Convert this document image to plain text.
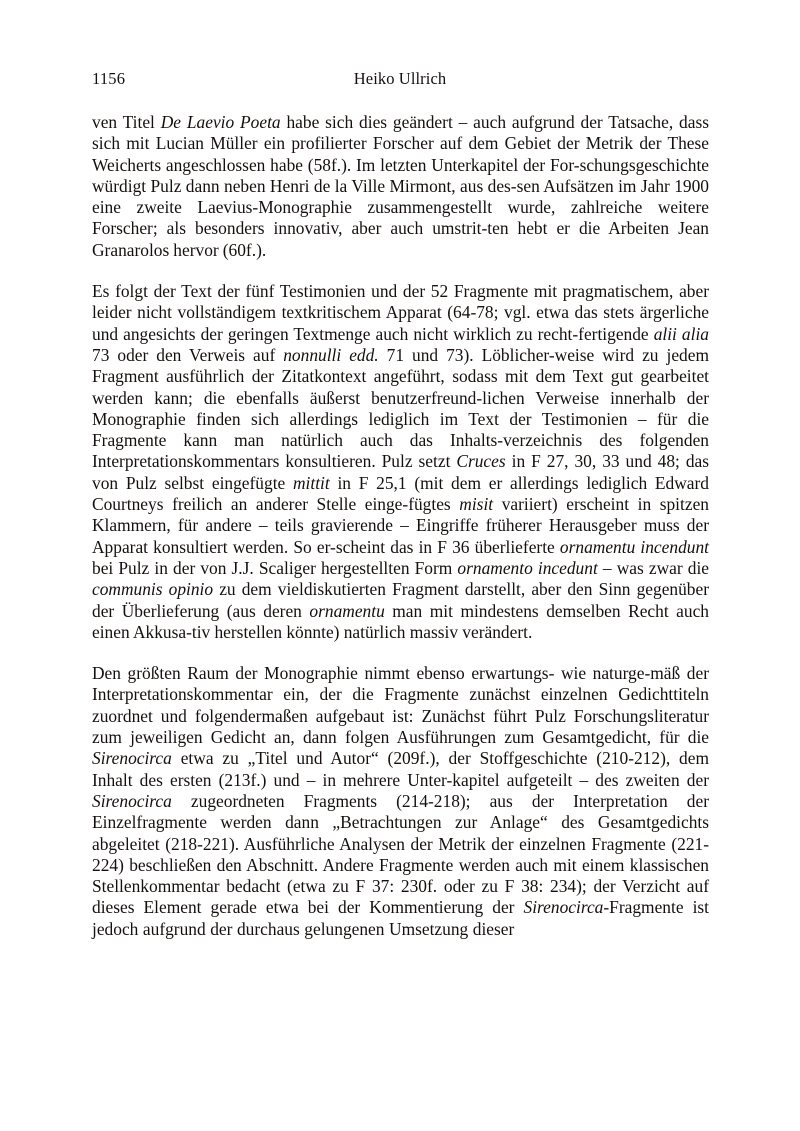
1156	Heiko Ullrich

ven Titel De Laevio Poeta habe sich dies geändert – auch aufgrund der Tatsache, dass sich mit Lucian Müller ein profilierter Forscher auf dem Gebiet der Metrik der These Weicherts angeschlossen habe (58f.). Im letzten Unterkapitel der For-schungsgeschichte würdigt Pulz dann neben Henri de la Ville Mirmont, aus des-sen Aufsätzen im Jahr 1900 eine zweite Laevius-Monographie zusammengestellt wurde, zahlreiche weitere Forscher; als besonders innovativ, aber auch umstrit-ten hebt er die Arbeiten Jean Granarolos hervor (60f.).

Es folgt der Text der fünf Testimonien und der 52 Fragmente mit pragmatischem, aber leider nicht vollständigem textkritischem Apparat (64-78; vgl. etwa das stets ärgerliche und angesichts der geringen Textmenge auch nicht wirklich zu recht-fertigende alii alia 73 oder den Verweis auf nonnulli edd. 71 und 73). Löblicher-weise wird zu jedem Fragment ausführlich der Zitatkontext angeführt, sodass mit dem Text gut gearbeitet werden kann; die ebenfalls äußerst benutzerfreund-lichen Verweise innerhalb der Monographie finden sich allerdings lediglich im Text der Testimonien – für die Fragmente kann man natürlich auch das Inhalts-verzeichnis des folgenden Interpretationskommentars konsultieren. Pulz setzt Cruces in F 27, 30, 33 und 48; das von Pulz selbst eingefügte mittit in F 25,1 (mit dem er allerdings lediglich Edward Courtneys freilich an anderer Stelle einge-fügtes misit variiert) erscheint in spitzen Klammern, für andere – teils gravierende – Eingriffe früherer Herausgeber muss der Apparat konsultiert werden. So er-scheint das in F 36 überlieferte ornamentu incendunt bei Pulz in der von J.J. Scaliger hergestellten Form ornamento incedunt – was zwar die communis opinio zu dem vieldiskutierten Fragment darstellt, aber den Sinn gegenüber der Überlieferung (aus deren ornamentu man mit mindestens demselben Recht auch einen Akkusa-tiv herstellen könnte) natürlich massiv verändert.

Den größten Raum der Monographie nimmt ebenso erwartungs- wie naturge-mäß der Interpretationskommentar ein, der die Fragmente zunächst einzelnen Gedichttiteln zuordnet und folgendermaßen aufgebaut ist: Zunächst führt Pulz Forschungsliteratur zum jeweiligen Gedicht an, dann folgen Ausführungen zum Gesamtgedicht, für die Sirenocirca etwa zu „Titel und Autor“ (209f.), der Stoffgeschichte (210-212), dem Inhalt des ersten (213f.) und – in mehrere Unter-kapitel aufgeteilt – des zweiten der Sirenocirca zugeordneten Fragments (214-218); aus der Interpretation der Einzelfragmente werden dann „Betrachtungen zur Anlage“ des Gesamtgedichts abgeleitet (218-221). Ausführliche Analysen der Metrik der einzelnen Fragmente (221-224) beschließen den Abschnitt. Andere Fragmente werden auch mit einem klassischen Stellenkommentar bedacht (etwa zu F 37: 230f. oder zu F 38: 234); der Verzicht auf dieses Element gerade etwa bei der Kommentierung der Sirenocirca-Fragmente ist jedoch aufgrund der durchaus gelungenen Umsetzung dieser
